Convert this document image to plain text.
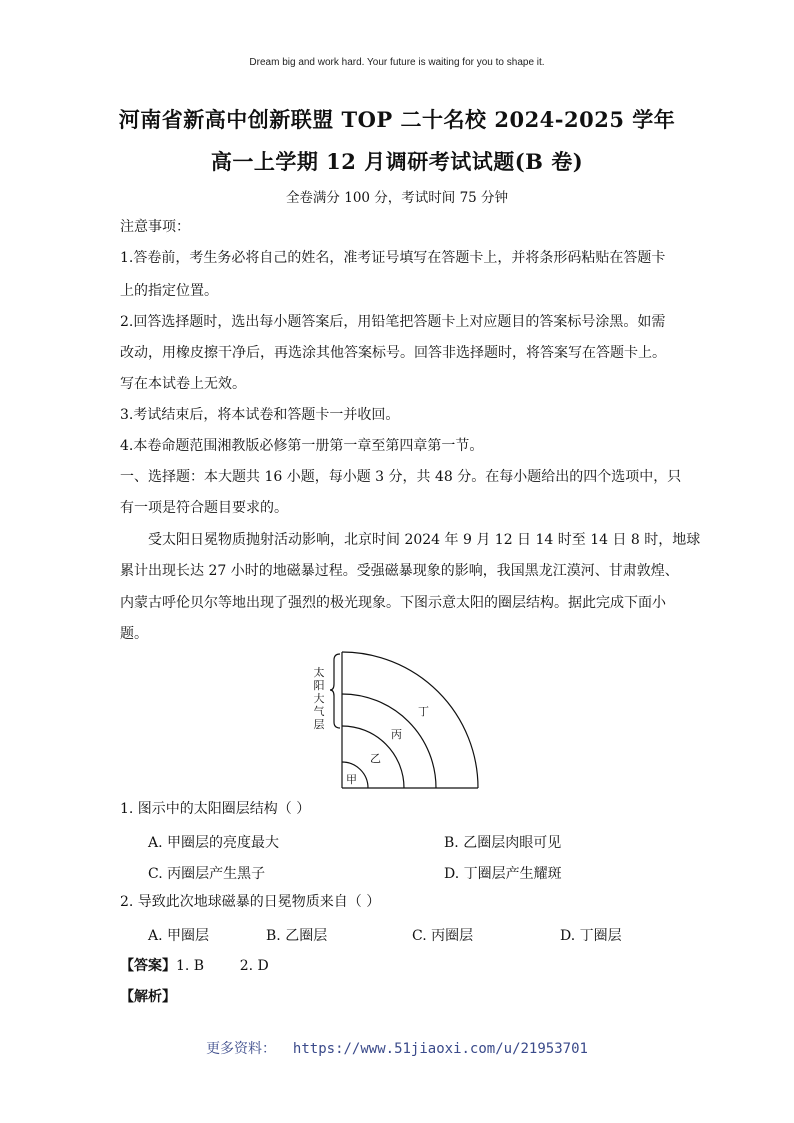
Dream big and work hard. Your future is waiting for you to shape it.
河南省新高中创新联盟 TOP 二十名校 2024-2025 学年
高一上学期 12 月调研考试试题(B 卷)
全卷满分 100 分，考试时间 75 分钟
注意事项：
1.答卷前，考生务必将自己的姓名，准考证号填写在答题卡上，并将条形码粘贴在答题卡
上的指定位置。
2.回答选择题时，选出每小题答案后，用铅笔把答题卡上对应题目的答案标号涂黑。如需
改动，用橡皮擦干净后，再选涂其他答案标号。回答非选择题时，将答案写在答题卡上。
写在本试卷上无效。
3.考试结束后，将本试卷和答题卡一并收回。
4.本卷命题范围湘教版必修第一册第一章至第四章第一节。
一、选择题：本大题共 16 小题，每小题 3 分，共 48 分。在每小题给出的四个选项中，只
有一项是符合题目要求的。
受太阳日冕物质抛射活动影响，北京时间 2024 年 9 月 12 日 14 时至 14 日 8 时，地球
累计出现长达 27 小时的地磁暴过程。受强磁暴现象的影响，我国黑龙江漠河、甘肃敦煌、
内蒙古呼伦贝尔等地出现了强烈的极光现象。下图示意太阳的圈层结构。据此完成下面小
题。
太
阳
大
气
层
丁
丙
乙
甲
1. 图示中的太阳圈层结构（ ）
A. 甲圈层的亮度最大	B. 乙圈层肉眼可见
C. 丙圈层产生黑子	D. 丁圈层产生耀斑
2. 导致此次地球磁暴的日冕物质来自（ ）
A. 甲圈层	B. 乙圈层	C. 丙圈层	D. 丁圈层
【答案】1. B        2. D
【解析】
更多资料：  https://www.51jiaoxi.com/u/21953701
